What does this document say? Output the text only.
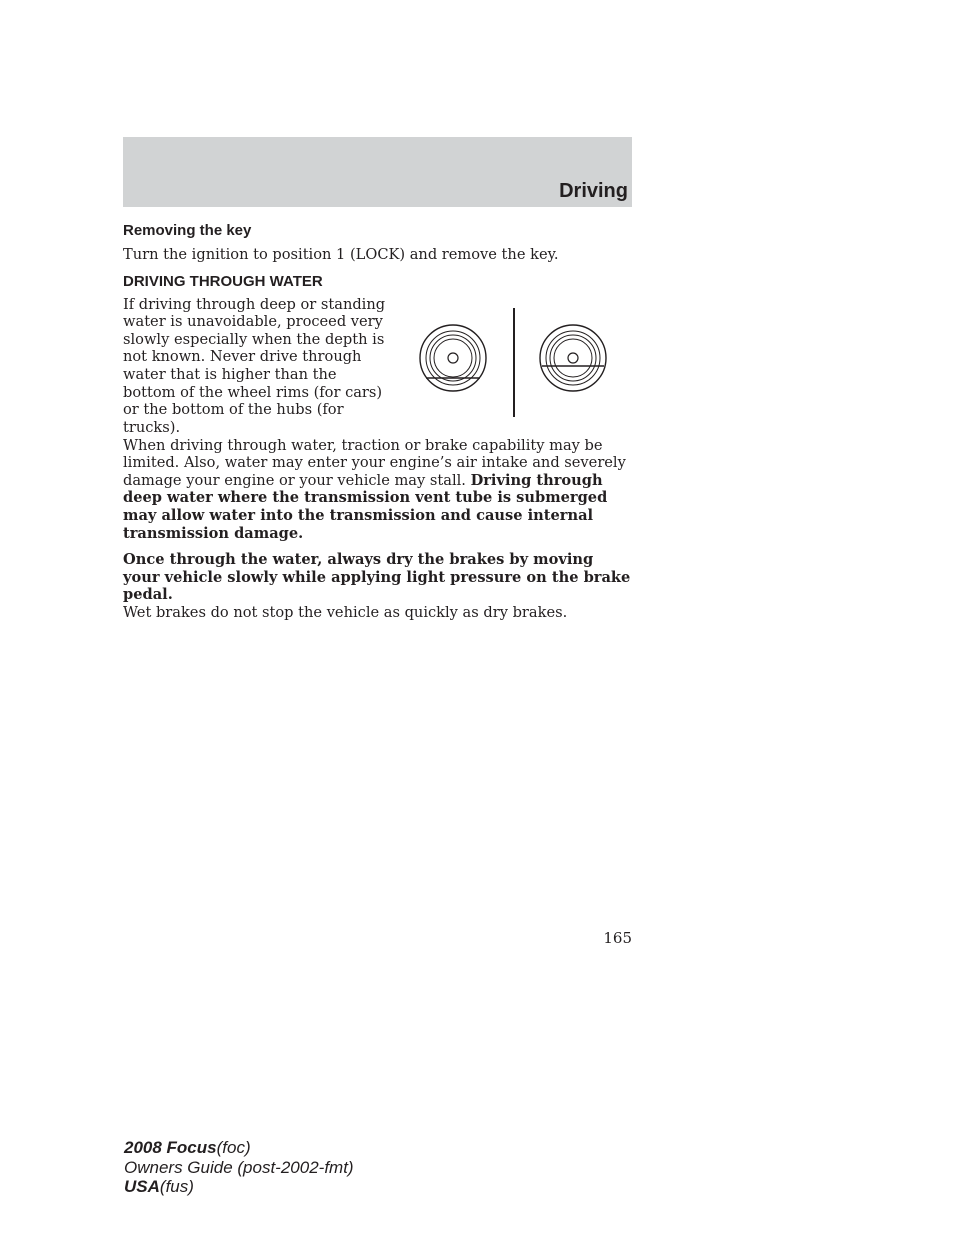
Driving
Removing the key

Turn the ignition to position 1 (LOCK) and remove the key.

DRIVING THROUGH WATER

If driving through deep or standing water is unavoidable, proceed very slowly especially when the depth is not known. Never drive through water that is higher than the bottom of the wheel rims (for cars) or the bottom of the hubs (for trucks).

When driving through water, traction or brake capability may be limited. Also, water may enter your engine’s air intake and severely damage your engine or your vehicle may stall. Driving through deep water where the transmission vent tube is submerged may allow water into the transmission and cause internal transmission damage.

Once through the water, always dry the brakes by moving your vehicle slowly while applying light pressure on the brake pedal.
Wet brakes do not stop the vehicle as quickly as dry brakes.

165
2008 Focus(foc)
Owners Guide (post-2002-fmt)
USA(fus)
